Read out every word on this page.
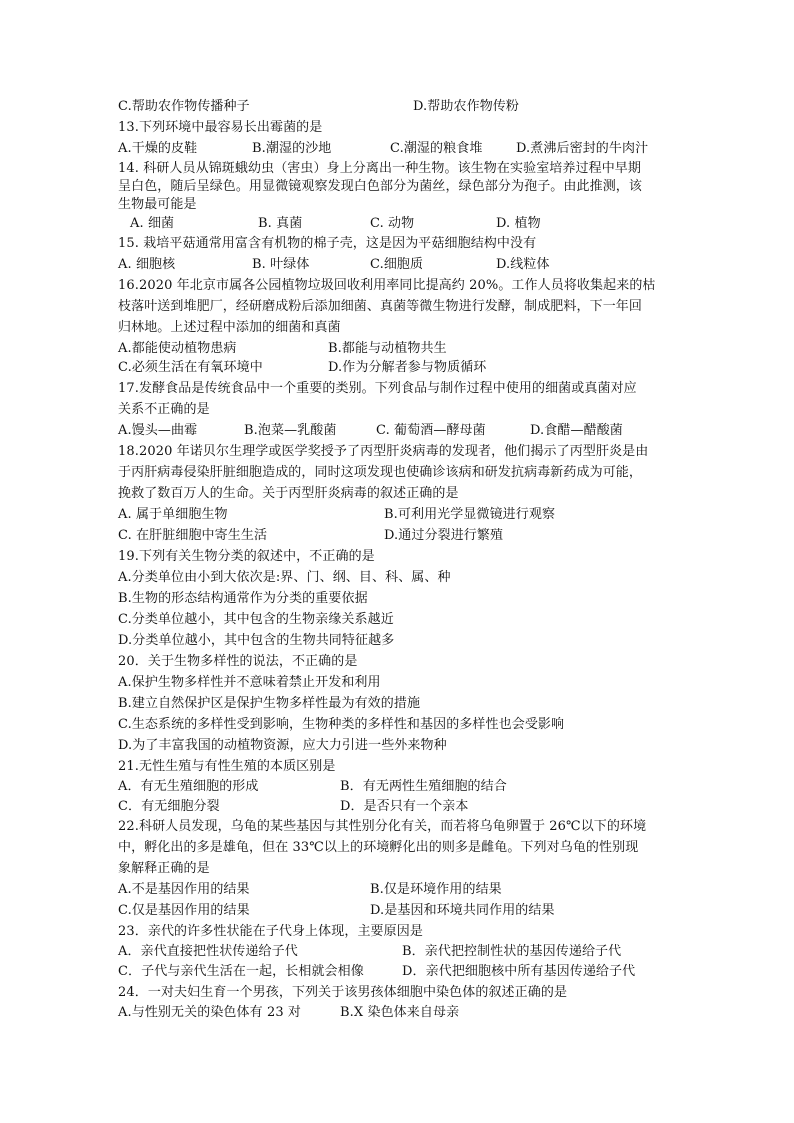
C.帮助农作物传播种子	D.帮助农作物传粉
13.下列环境中最容易长出霉菌的是
A.干燥的皮鞋	B.潮湿的沙地	C.潮湿的粮食堆	D.煮沸后密封的牛肉汁
14. 科研人员从锦斑蛾幼虫（害虫）身上分离出一种生物。该生物在实验室培养过程中早期
呈白色，随后呈绿色。用显微镜观察发现白色部分为菌丝，绿色部分为孢子。由此推测，该
生物最可能是
A. 细菌	B. 真菌	C. 动物	D. 植物
15. 栽培平菇通常用富含有机物的棉子壳，这是因为平菇细胞结构中没有
A. 细胞核	B. 叶绿体	C.细胞质	D.线粒体
16.2020 年北京市属各公园植物垃圾回收利用率同比提高约 20%。工作人员将收集起来的枯
枝落叶送到堆肥厂，经研磨成粉后添加细菌、真菌等微生物进行发酵，制成肥料，下一年回
归林地。上述过程中添加的细菌和真菌
A.都能使动植物患病	B.都能与动植物共生
C.必须生活在有氧环境中	D.作为分解者参与物质循环
17.发酵食品是传统食品中一个重要的类别。下列食品与制作过程中使用的细菌或真菌对应
关系不正确的是
A.馒头—曲霉	B.泡菜—乳酸菌	C. 葡萄酒—酵母菌	D.食醋—醋酸菌
18.2020 年诺贝尔生理学或医学奖授予了丙型肝炎病毒的发现者，他们揭示了丙型肝炎是由
于丙肝病毒侵染肝脏细胞造成的，同时这项发现也使确诊该病和研发抗病毒新药成为可能，
挽救了数百万人的生命。关于丙型肝炎病毒的叙述正确的是
A. 属于单细胞生物	B.可利用光学显微镜进行观察
C. 在肝脏细胞中寄生生活	D.通过分裂进行繁殖
19.下列有关生物分类的叙述中，不正确的是
A.分类单位由小到大依次是:界、门、纲、目、科、属、种
B.生物的形态结构通常作为分类的重要依据
C.分类单位越小，其中包含的生物亲缘关系越近
D.分类单位越小，其中包含的生物共同特征越多
20．关于生物多样性的说法，不正确的是
A.保护生物多样性并不意味着禁止开发和利用
B.建立自然保护区是保护生物多样性最为有效的措施
C.生态系统的多样性受到影响，生物种类的多样性和基因的多样性也会受影响
D.为了丰富我国的动植物资源，应大力引进一些外来物种
21.无性生殖与有性生殖的本质区别是
A．有无生殖细胞的形成	B．有无两性生殖细胞的结合
C．有无细胞分裂	D．是否只有一个亲本
22.科研人员发现，乌龟的某些基因与其性别分化有关，而若将乌龟卵置于 26℃以下的环境
中，孵化出的多是雄龟，但在 33℃以上的环境孵化出的则多是雌龟。下列对乌龟的性别现
象解释正确的是
A.不是基因作用的结果	B.仅是环境作用的结果
C.仅是基因作用的结果	D.是基因和环境共同作用的结果
23．亲代的许多性状能在子代身上体现，主要原因是
A．亲代直接把性状传递给子代	B．亲代把控制性状的基因传递给子代
C．子代与亲代生活在一起，长相就会相像	D．亲代把细胞核中所有基因传递给子代
24．一对夫妇生育一个男孩，下列关于该男孩体细胞中染色体的叙述正确的是
A.与性别无关的染色体有 23 对	B.X 染色体来自母亲
